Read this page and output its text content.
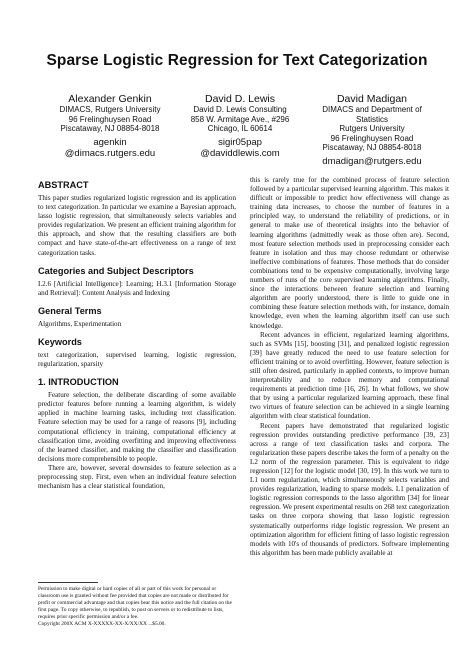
Sparse Logistic Regression for Text Categorization
Alexander Genkin
DIMACS, Rutgers University
96 Frelinghuysen Road
Piscataway, NJ 08854-8018
agenkin
@dimacs.rutgers.edu
David D. Lewis
David D. Lewis Consulting
858 W. Armitage Ave., #296
Chicago, IL 60614
sigir05pap
@daviddlewis.com
David Madigan
DIMACS and Department of
Statistics
Rutgers University
96 Frelinghuysen Road
Piscataway, NJ 08854-8018
dmadigan@rutgers.edu
ABSTRACT

This paper studies regularized logistic regression and its application to text categorization. In particular we examine a Bayesian approach, lasso logistic regression, that simultaneously selects variables and provides regularization. We present an efficient training algorithm for this approach, and show that the resulting classifiers are both compact and have state-of-the-art effectiveness on a range of text categorization tasks.

Categories and Subject Descriptors

I.2.6 [Artificial Intelligence]: Learning; H.3.1 [Information Storage and Retrieval]: Content Analysis and Indexing

General Terms

Algorithms, Experimentation

Keywords

text categorization, supervised learning, logistic regression, regularization, sparsity

1. INTRODUCTION

Feature selection, the deliberate discarding of some available predictor features before running a learning algorithm, is widely applied in machine learning tasks, including text classification. Feature selection may be used for a range of reasons [9], including computational efficiency in training, computational efficiency at classification time, avoiding overfitting and improving effectiveness of the learned classifier, and making the classifier and classification decisions more comprehensible to people.

There are, however, several downsides to feature selection as a preprocessing step. First, even when an individual feature selection mechanism has a clear statistical foundation,

Permission to make digital or hard copies of all or part of this work for personal or classroom use is granted without fee provided that copies are not made or distributed for profit or commercial advantage and that copies bear this notice and the full citation on the first page. To copy otherwise, to republish, to post on servers or to redistribute to lists, requires prior specific permission and/or a fee.

Copyright 200X ACM X-XXXXX-XX-X/XX/XX ...$5.00.

this is rarely true for the combined process of feature selection followed by a particular supervised learning algorithm. This makes it difficult or impossible to predict how effectiveness will change as training data increases, to choose the number of features in a principled way, to understand the reliability of predictions, or in general to make use of theoretical insights into the behavior of learning algorithms (admittedly weak as those often are). Second, most feature selection methods used in preprocessing consider each feature in isolation and thus may choose redundant or otherwise ineffective combinations of features. Those methods that do consider combinations tend to be expensive computationally, involving large numbers of runs of the core supervised learning algorithms. Finally, since the interactions between feature selection and learning algorithm are poorly understood, there is little to guide one in combining these feature selection methods with, for instance, domain knowledge, even when the learning algorithm itself can use such knowledge.

Recent advances in efficient, regularized learning algorithms, such as SVMs [15], boosting [31], and penalized logistic regression [39] have greatly reduced the need to use feature selection for efficient training or to avoid overfitting. However, feature selection is still often desired, particularly in applied contexts, to improve human interpretability and to reduce memory and computational requirements at prediction time [16, 26]. In what follows, we show that by using a particular regularized learning approach, these final two virtues of feature selection can be achieved in a single learning algorithm with clear statistical foundation.

Recent papers have demonstrated that regularized logistic regression provides outstanding predictive performance [39, 23] across a range of text classification tasks and corpora. The regularization these papers describe takes the form of a penalty on the L2 norm of the regression parameter. This is equivalent to ridge regression [12] for the logistic model [30, 19]. In this work we turn to L1 norm regularization, which simultaneously selects variables and provides regularization, leading to sparse models. L1 penalization of logistic regression corresponds to the lasso algorithm [34] for linear regression. We present experimental results on 268 text categorization tasks on three corpora showing that lasso logistic regression systematically outperforms ridge logistic regression. We present an optimization algorithm for efficient fitting of lasso logistic regression models with 10's of thousands of predictors. Software implementing this algorithm has been made publicly available at
